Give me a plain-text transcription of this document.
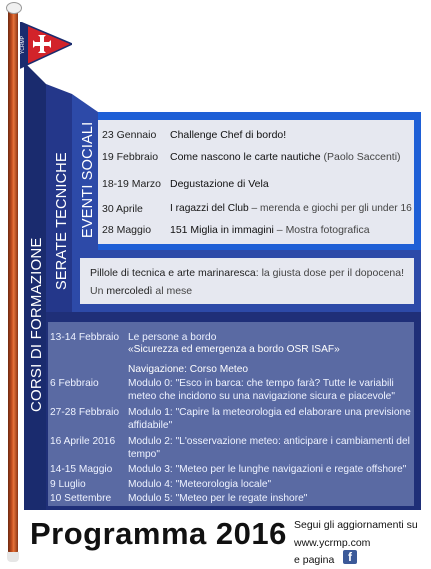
YCRMP
EVENTI SOCIALI
SERATE TECNICHE
CORSI DI FORMAZIONE
23 Gennaio Challenge Chef di bordo!
19 Febbraio Come nascono le carte nautiche (Paolo Saccenti)
18-19 Marzo Degustazione di Vela
30 Aprile	I ragazzi del Club – merenda e giochi per gli under 16
28 Maggio 151 Miglia in immagini – Mostra fotografica
Pillole di tecnica e arte marinaresca: la giusta dose per il dopocena!
Un mercoledì al mese
13-14 Febbraio Le persone a bordo
«Sicurezza ed emergenza a bordo OSR ISAF»
Navigazione: Corso Meteo
6 Febbraio	Modulo 0: "Esco in barca: che tempo farà? Tutte le variabili
meteo che incidono su una navigazione sicura e piacevole"
27-28 Febbraio Modulo 1: "Capire la meteorologia ed elaborare una previsione
affidabile"
16 Aprile 2016 Modulo 2: "L'osservazione meteo: anticipare i cambiamenti del
tempo"
14-15 Maggio Modulo 3: "Meteo per le lunghe navigazioni e regate offshore"
9 Luglio	Modulo 4: "Meteorologia locale"
10 Settembre Modulo 5: "Meteo per le regate inshore"
Programma 2016 Segui gli aggiornamenti su
www.ycrmp.com
e pagina	f
